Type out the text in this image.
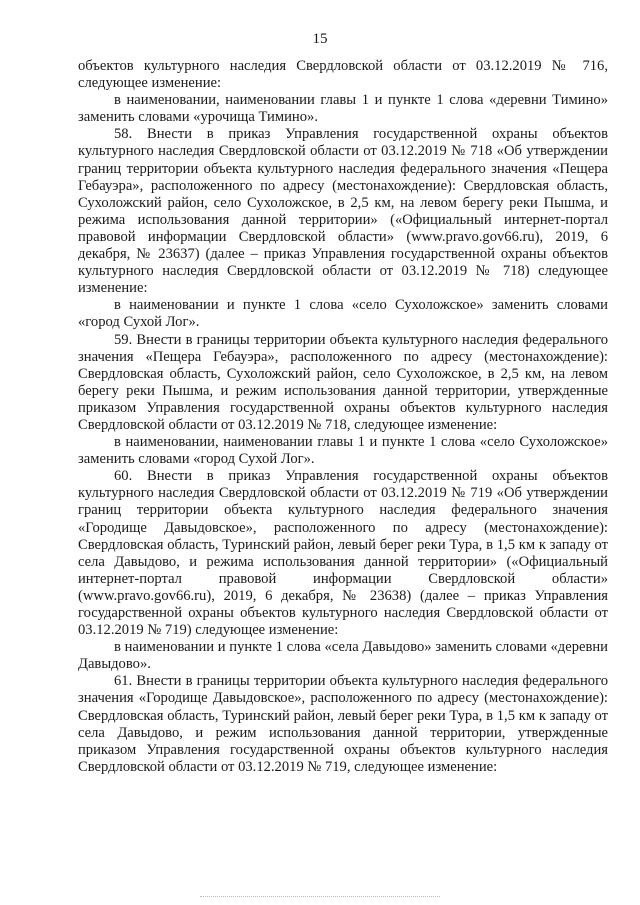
15

объектов культурного наследия Свердловской области от 03.12.2019 № 716, следующее изменение:

в наименовании, наименовании главы 1 и пункте 1 слова «деревни Тимино» заменить словами «урочища Тимино».

58. Внести в приказ Управления государственной охраны объектов культурного наследия Свердловской области от 03.12.2019 № 718 «Об утверждении границ территории объекта культурного наследия федерального значения «Пещера Гебауэра», расположенного по адресу (местонахождение): Свердловская область, Сухоложский район, село Сухоложское, в 2,5 км, на левом берегу реки Пышма, и режима использования данной территории» («Официальный интернет-портал правовой информации Свердловской области» (www.pravo.gov66.ru), 2019, 6 декабря, № 23637) (далее – приказ Управления государственной охраны объектов культурного наследия Свердловской области от 03.12.2019 № 718) следующее изменение:

в наименовании и пункте 1 слова «село Сухоложское» заменить словами «город Сухой Лог».

59. Внести в границы территории объекта культурного наследия федерального значения «Пещера Гебауэра», расположенного по адресу (местонахождение): Свердловская область, Сухоложский район, село Сухоложское, в 2,5 км, на левом берегу реки Пышма, и режим использования данной территории, утвержденные приказом Управления государственной охраны объектов культурного наследия Свердловской области от 03.12.2019 № 718, следующее изменение:

в наименовании, наименовании главы 1 и пункте 1 слова «село Сухоложское» заменить словами «город Сухой Лог».

60. Внести в приказ Управления государственной охраны объектов культурного наследия Свердловской области от 03.12.2019 № 719 «Об утверждении границ территории объекта культурного наследия федерального значения «Городище Давыдовское», расположенного по адресу (местонахождение): Свердловская область, Туринский район, левый берег реки Тура, в 1,5 км к западу от села Давыдово, и режима использования данной территории» («Официальный интернет-портал правовой информации Свердловской области» (www.pravo.gov66.ru), 2019, 6 декабря, № 23638) (далее – приказ Управления государственной охраны объектов культурного наследия Свердловской области от 03.12.2019 № 719) следующее изменение:

в наименовании и пункте 1 слова «села Давыдово» заменить словами «деревни Давыдово».

61. Внести в границы территории объекта культурного наследия федерального значения «Городище Давыдовское», расположенного по адресу (местонахождение): Свердловская область, Туринский район, левый берег реки Тура, в 1,5 км к западу от села Давыдово, и режим использования данной территории, утвержденные приказом Управления государственной охраны объектов культурного наследия Свердловской области от 03.12.2019 № 719, следующее изменение:
